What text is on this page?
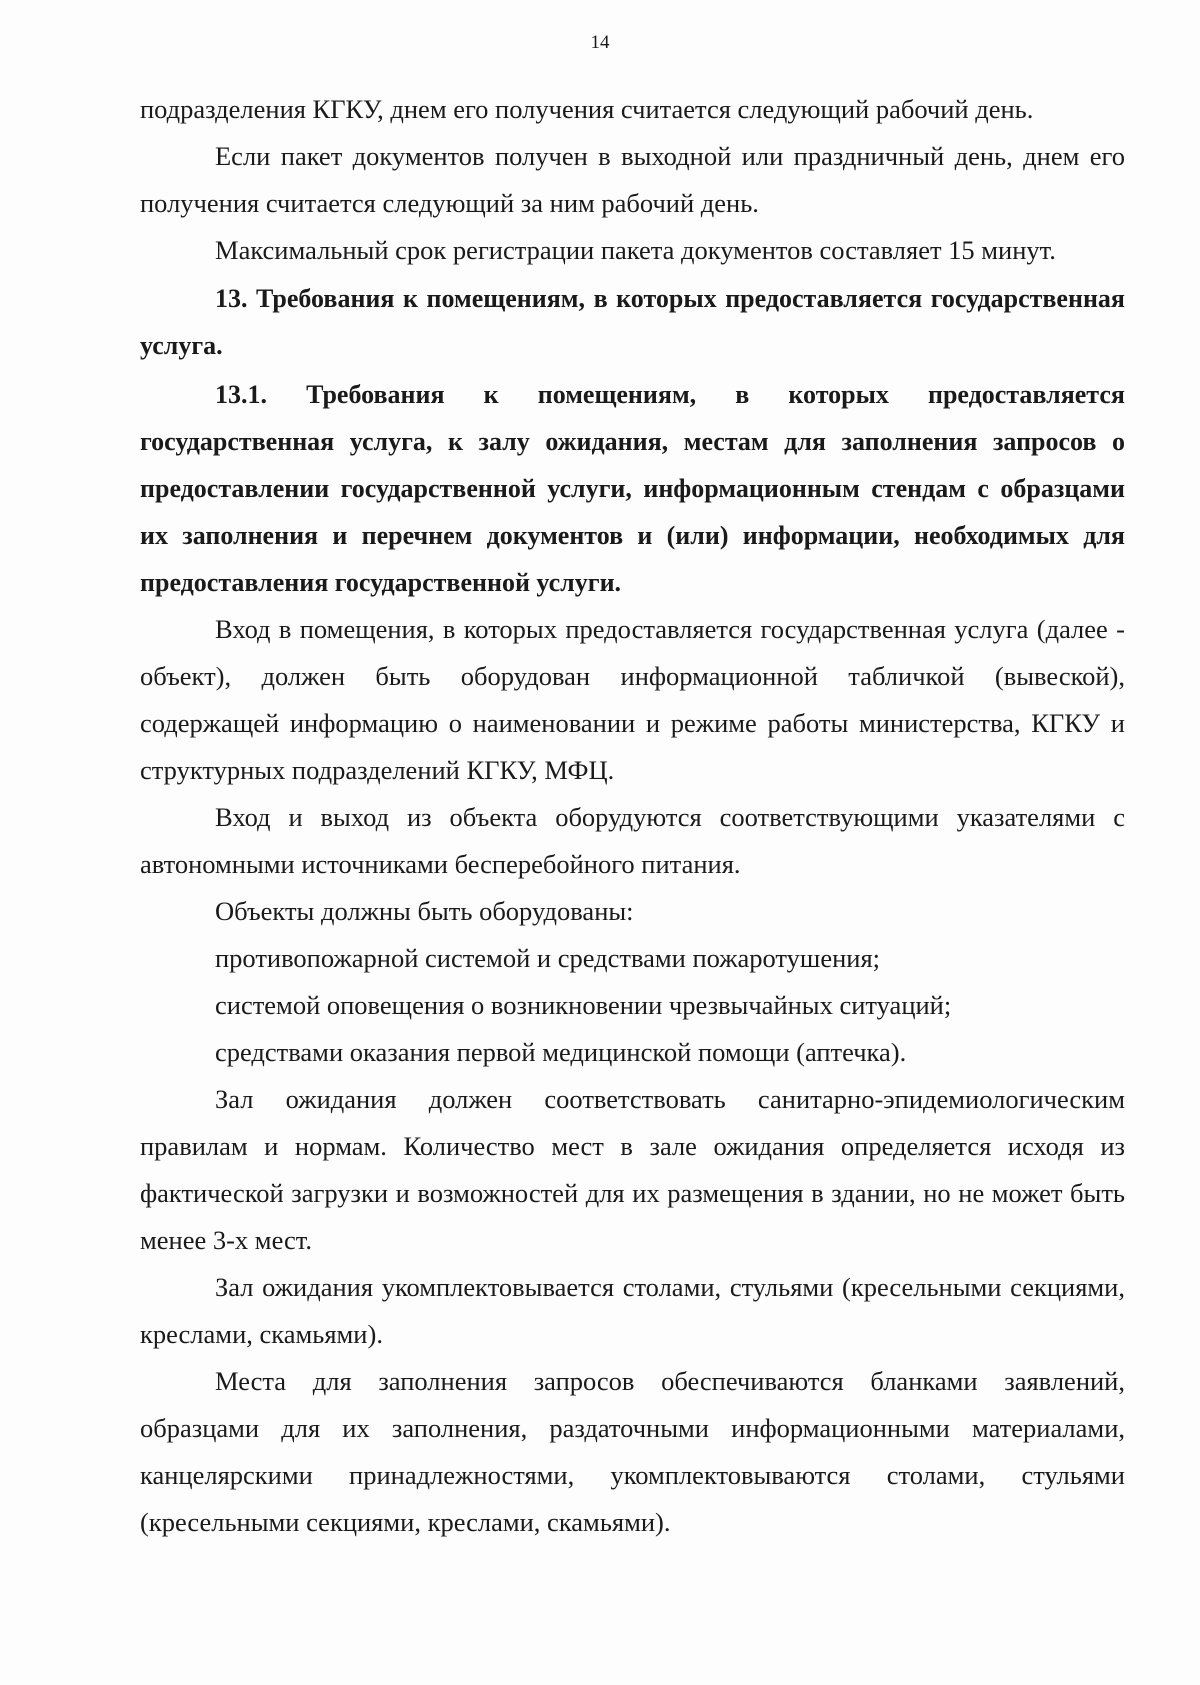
14

подразделения КГКУ, днем его получения считается следующий рабочий день.

Если пакет документов получен в выходной или праздничный день, днем его получения считается следующий за ним рабочий день.

Максимальный срок регистрации пакета документов составляет 15 минут.

13. Требования к помещениям, в которых предоставляется государственная услуга.

13.1. Требования к помещениям, в которых предоставляется государственная услуга, к залу ожидания, местам для заполнения запросов о предоставлении государственной услуги, информационным стендам с образцами их заполнения и перечнем документов и (или) информации, необходимых для предоставления государственной услуги.

Вход в помещения, в которых предоставляется государственная услуга (далее - объект), должен быть оборудован информационной табличкой (вывеской), содержащей информацию о наименовании и режиме работы министерства, КГКУ и структурных подразделений КГКУ, МФЦ.

Вход и выход из объекта оборудуются соответствующими указателями с автономными источниками бесперебойного питания.

Объекты должны быть оборудованы:

противопожарной системой и средствами пожаротушения;

системой оповещения о возникновении чрезвычайных ситуаций;

средствами оказания первой медицинской помощи (аптечка).

Зал ожидания должен соответствовать санитарно-эпидемиологическим правилам и нормам. Количество мест в зале ожидания определяется исходя из фактической загрузки и возможностей для их размещения в здании, но не может быть менее 3-х мест.

Зал ожидания укомплектовывается столами, стульями (кресельными секциями, креслами, скамьями).

Места для заполнения запросов обеспечиваются бланками заявлений, образцами для их заполнения, раздаточными информационными материалами, канцелярскими принадлежностями, укомплектовываются столами, стульями (кресельными секциями, креслами, скамьями).
